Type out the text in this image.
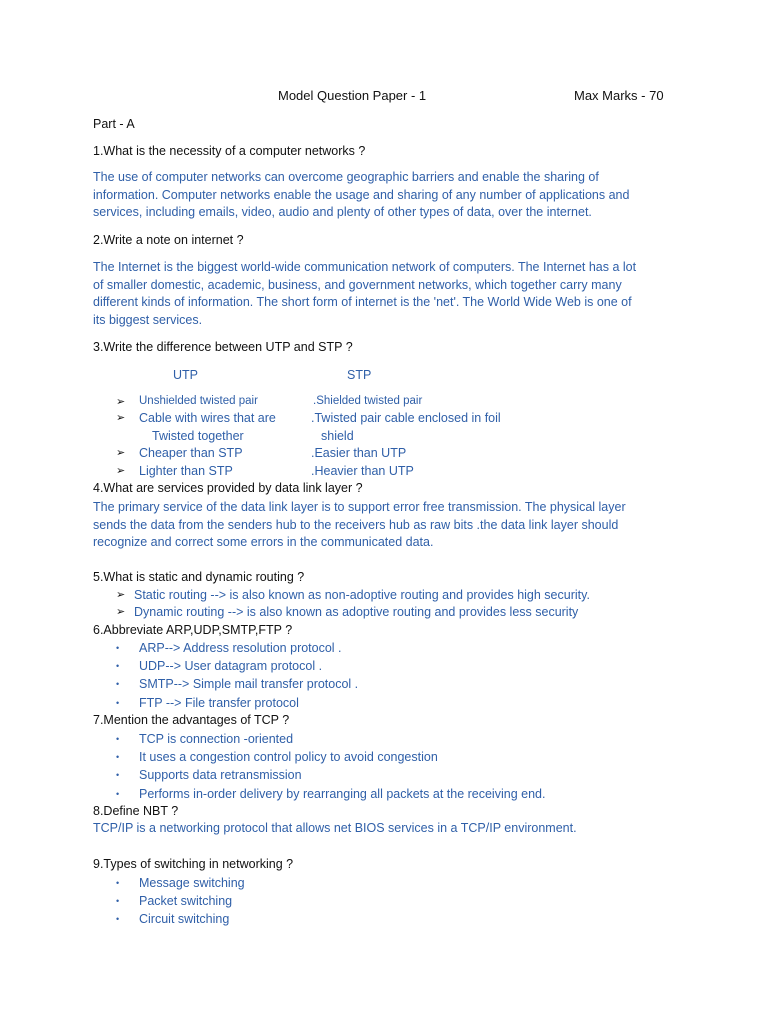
Model Question Paper - 1	Max Marks - 70
Part - A
1.What is the necessity of a computer networks ?
The use of computer networks can overcome geographic barriers and enable the sharing of
information. Computer networks enable the usage and sharing of any number of applications and
services, including emails, video, audio and plenty of other types of data, over the internet.
2.Write a note on internet ?
The Internet is the biggest world-wide communication network of computers. The Internet has a lot
of smaller domestic, academic, business, and government networks, which together carry many
different kinds of information. The short form of internet is the 'net'. The World Wide Web is one of
its biggest services.
3.Write the difference between UTP and STP ?
UTP	STP
➢ Unshielded twisted pair	.Shielded twisted pair
➢ Cable with wires that are	.Twisted pair cable enclosed in foil
Twisted together	shield
➢ Cheaper than STP	.Easier than UTP
➢ Lighter than STP	.Heavier than UTP
4.What are services provided by data link layer ?
The primary service of the data link layer is to support error free transmission. The physical layer
sends the data from the senders hub to the receivers hub as raw bits .the data link layer should
recognize and correct some errors in the communicated data.
5.What is static and dynamic routing ?
➢ Static routing --> is also known as non-adoptive routing and provides high security.
➢ Dynamic routing --> is also known as adoptive routing and provides less security
6.Abbreviate ARP,UDP,SMTP,FTP ?
• ARP--> Address resolution protocol .
• UDP--> User datagram protocol .
• SMTP--> Simple mail transfer protocol .
• FTP --> File transfer protocol
7.Mention the advantages of TCP ?
• TCP is connection -oriented
• It uses a congestion control policy to avoid congestion
• Supports data retransmission
• Performs in-order delivery by rearranging all packets at the receiving end.
8.Define NBT ?
TCP/IP is a networking protocol that allows net BIOS services in a TCP/IP environment.
9.Types of switching in networking ?
• Message switching
• Packet switching
• Circuit switching
